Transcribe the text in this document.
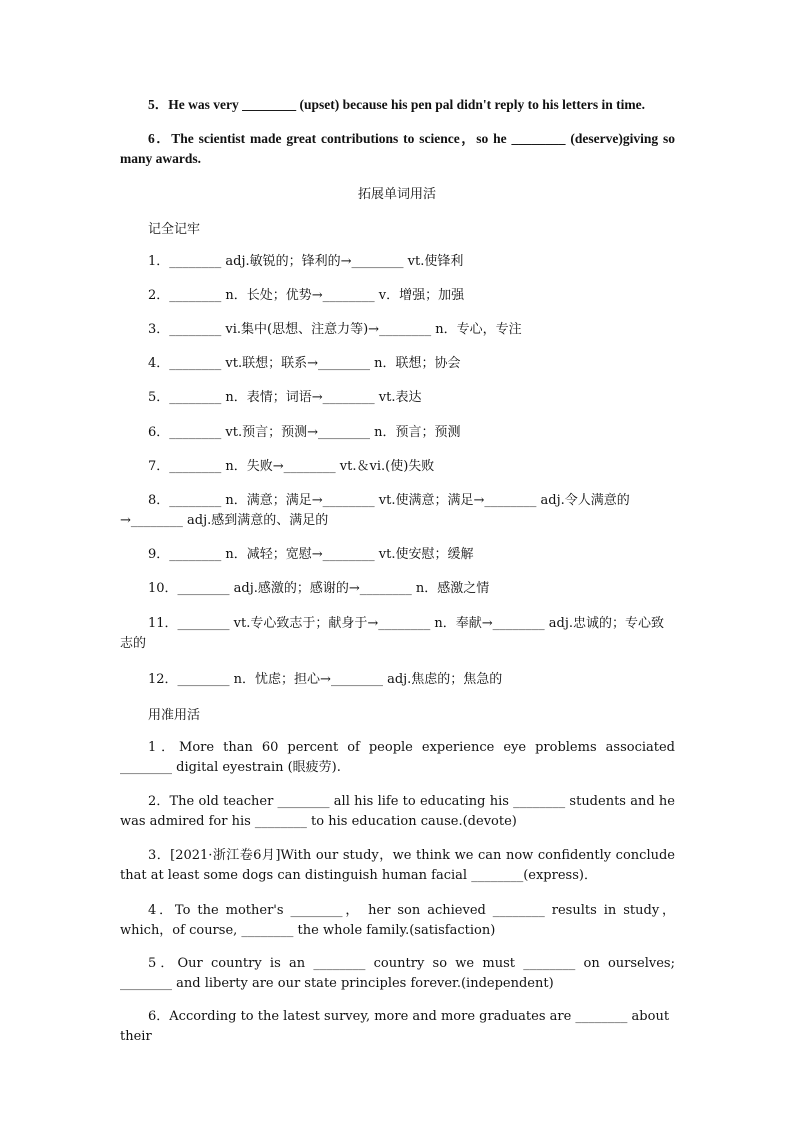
5．He was very ________ (upset) because his pen pal didn't reply to his letters in time.

6．The scientist made great contributions to science，so he ________ (deserve)giving so many awards.

拓展单词用活
记全记牢

1．________ adj.敏锐的；锋利的→________ vt.使锋利

2．________ n．长处；优势→________ v．增强；加强

3．________ vi.集中(思想、注意力等)→________ n．专心，专注

4．________ vt.联想；联系→________ n．联想；协会

5．________ n．表情；词语→________ vt.表达

6．________ vt.预言；预测→________ n．预言；预测

7．________ n．失败→________ vt.＆vi.(使)失败

8．________ n．满意；满足→________ vt.使满意；满足→________ adj.令人满意的→________ adj.感到满意的、满足的

9．________ n．减轻；宽慰→________ vt.使安慰；缓解

10．________ adj.感激的；感谢的→________ n．感激之情

11．________ vt.专心致志于；献身于→________ n．奉献→________ adj.忠诚的；专心致志的

12．________ n．忧虑；担心→________ adj.焦虑的；焦急的

用准用活

1．More than 60 percent of people experience eye problems associated ________ digital eyestrain (眼疲劳).

2．The old teacher ________ all his life to educating his ________ students and he was admired for his ________ to his education cause.(devote)

3．[2021·浙江卷6月]With our study，we think we can now confidently conclude that at least some dogs can distinguish human facial ________(express)．

4．To the mother's ________， her son achieved ________ results in study，which，of course, ________ the whole family.(satisfaction)

5．Our country is an ________ country so we must ________ on ourselves; ________ and liberty are our state principles forever.(independent)

6．According to the latest survey, more and more graduates are ________ about their
